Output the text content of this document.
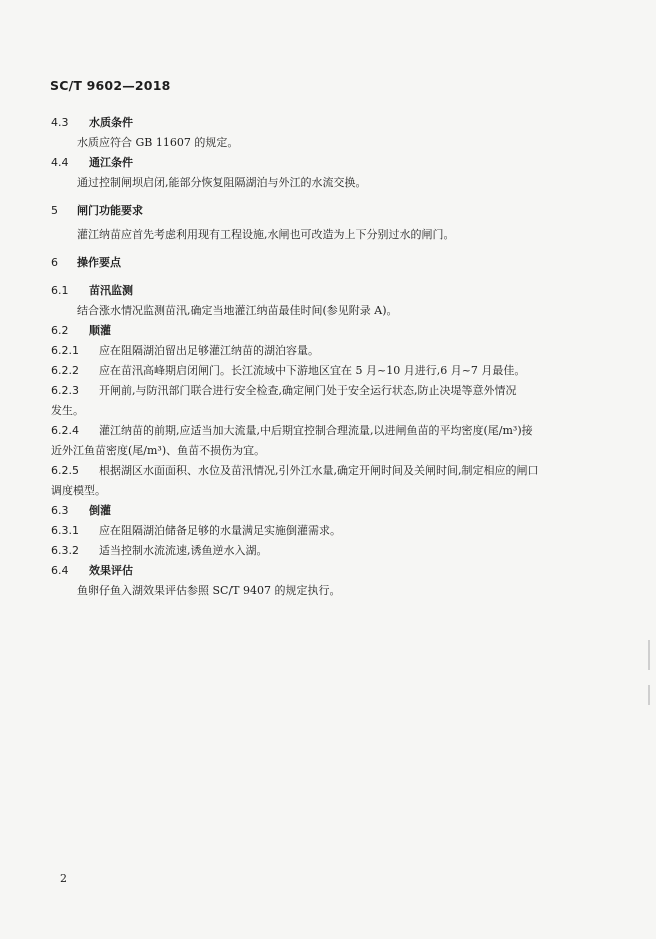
SC/T 9602—2018
4.3 水质条件
水质应符合 GB 11607 的规定。
4.4 通江条件
通过控制闸坝启闭,能部分恢复阻隔湖泊与外江的水流交换。
5 闸门功能要求
灌江纳苗应首先考虑利用现有工程设施,水闸也可改造为上下分别过水的闸门。
6 操作要点
6.1 苗汛监测
结合涨水情况监测苗汛,确定当地灌江纳苗最佳时间(参见附录 A)。
6.2 顺灌
6.2.1 应在阻隔湖泊留出足够灌江纳苗的湖泊容量。
6.2.2 应在苗汛高峰期启闭闸门。长江流域中下游地区宜在 5 月~10 月进行,6 月~7 月最佳。
6.2.3 开闸前,与防汛部门联合进行安全检查,确定闸门处于安全运行状态,防止决堤等意外情况
发生。
6.2.4 灌江纳苗的前期,应适当加大流量,中后期宜控制合理流量,以进闸鱼苗的平均密度(尾/m³)接
近外江鱼苗密度(尾/m³)、鱼苗不损伤为宜。
6.2.5 根据湖区水面面积、水位及苗汛情况,引外江水量,确定开闸时间及关闸时间,制定相应的闸口
调度模型。
6.3 倒灌
6.3.1 应在阻隔湖泊储备足够的水量满足实施倒灌需求。
6.3.2 适当控制水流流速,诱鱼逆水入湖。
6.4 效果评估
鱼卵仔鱼入湖效果评估参照 SC/T 9407 的规定执行。
2
